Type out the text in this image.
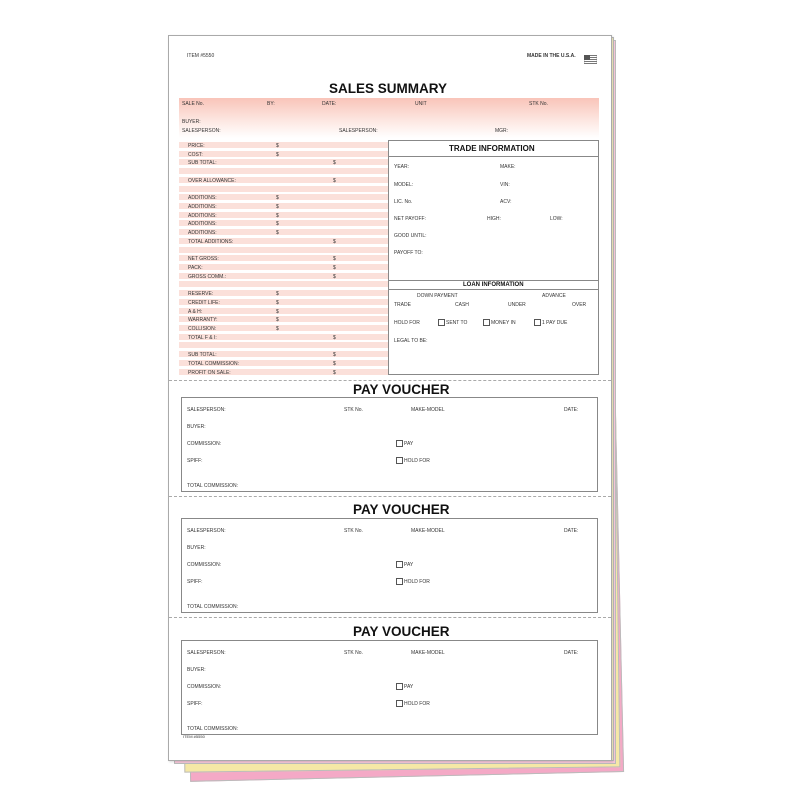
ITEM #5550	MADE IN THE U.S.A.
SALES SUMMARY
SALE No.	BY:	DATE:	UNIT	STK No.
BUYER:
SALESPERSON:	SALESPERSON:	MGR:
PRICE:	$
COST:	$
SUB TOTAL:	$
OVER ALLOWANCE:	$
ADDITIONS:	$
ADDITIONS:	$
ADDITIONS:	$
ADDITIONS:	$
ADDITIONS:	$
TOTAL ADDITIONS:	$
NET GROSS:	$
PACK:	$
GROSS COMM.:	$
RESERVE:	$
CREDIT LIFE:	$
A & H:	$
WARRANTY:	$
COLLISION:	$
TOTAL F & I:	$
SUB TOTAL:	$
TOTAL COMMISSION:	$
PROFIT ON SALE:	$
TRADE INFORMATION
YEAR:	MAKE:
MODEL:	VIN:
LIC. No.	ACV:
NET PAYOFF:	HIGH:	LOW:
GOOD UNTIL:
PAYOFF TO:
LOAN INFORMATION
DOWN PAYMENT	ADVANCE
TRADE	CASH	UNDER	OVER
HOLD FOR	SENT TO	MONEY IN	1 PAY DUE
LEGAL TO BE:
PAY VOUCHER
SALESPERSON:	STK No.	MAKE-MODEL	DATE:
BUYER:
COMMISSION:	PAY
SPIFF:	HOLD FOR
TOTAL COMMISSION:
PAY VOUCHER
SALESPERSON:	STK No.	MAKE-MODEL	DATE:
BUYER:
COMMISSION:	PAY
SPIFF:	HOLD FOR
TOTAL COMMISSION:
PAY VOUCHER
SALESPERSON:	STK No.	MAKE-MODEL	DATE:
BUYER:
COMMISSION:	PAY
SPIFF:	HOLD FOR
TOTAL COMMISSION:
ITEM #5550
